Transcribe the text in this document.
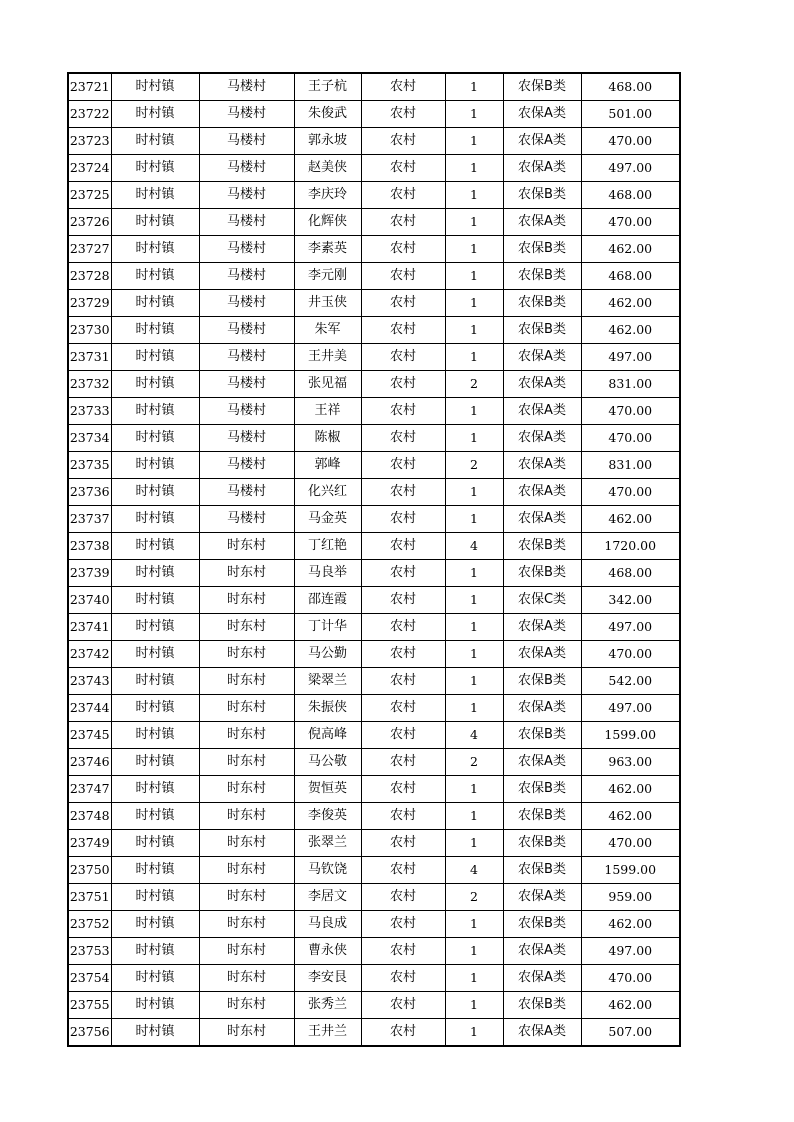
23721	时村镇	马楼村	王子杭	农村	1	农保B类	468.00
23722	时村镇	马楼村	朱俊武	农村	1	农保A类	501.00
23723	时村镇	马楼村	郭永坡	农村	1	农保A类	470.00
23724	时村镇	马楼村	赵美侠	农村	1	农保A类	497.00
23725	时村镇	马楼村	李庆玲	农村	1	农保B类	468.00
23726	时村镇	马楼村	化辉侠	农村	1	农保A类	470.00
23727	时村镇	马楼村	李素英	农村	1	农保B类	462.00
23728	时村镇	马楼村	李元刚	农村	1	农保B类	468.00
23729	时村镇	马楼村	井玉侠	农村	1	农保B类	462.00
23730	时村镇	马楼村	朱军	农村	1	农保B类	462.00
23731	时村镇	马楼村	王井美	农村	1	农保A类	497.00
23732	时村镇	马楼村	张见福	农村	2	农保A类	831.00
23733	时村镇	马楼村	王祥	农村	1	农保A类	470.00
23734	时村镇	马楼村	陈椒	农村	1	农保A类	470.00
23735	时村镇	马楼村	郭峰	农村	2	农保A类	831.00
23736	时村镇	马楼村	化兴红	农村	1	农保A类	470.00
23737	时村镇	马楼村	马金英	农村	1	农保A类	462.00
23738	时村镇	时东村	丁红艳	农村	4	农保B类	1720.00
23739	时村镇	时东村	马良举	农村	1	农保B类	468.00
23740	时村镇	时东村	邵连霞	农村	1	农保C类	342.00
23741	时村镇	时东村	丁计华	农村	1	农保A类	497.00
23742	时村镇	时东村	马公勤	农村	1	农保A类	470.00
23743	时村镇	时东村	梁翠兰	农村	1	农保B类	542.00
23744	时村镇	时东村	朱振侠	农村	1	农保A类	497.00
23745	时村镇	时东村	倪高峰	农村	4	农保B类	1599.00
23746	时村镇	时东村	马公敬	农村	2	农保A类	963.00
23747	时村镇	时东村	贺恒英	农村	1	农保B类	462.00
23748	时村镇	时东村	李俊英	农村	1	农保B类	462.00
23749	时村镇	时东村	张翠兰	农村	1	农保B类	470.00
23750	时村镇	时东村	马钦饶	农村	4	农保B类	1599.00
23751	时村镇	时东村	李居文	农村	2	农保A类	959.00
23752	时村镇	时东村	马良成	农村	1	农保B类	462.00
23753	时村镇	时东村	曹永侠	农村	1	农保A类	497.00
23754	时村镇	时东村	李安艮	农村	1	农保A类	470.00
23755	时村镇	时东村	张秀兰	农村	1	农保B类	462.00
23756	时村镇	时东村	王井兰	农村	1	农保A类	507.00
